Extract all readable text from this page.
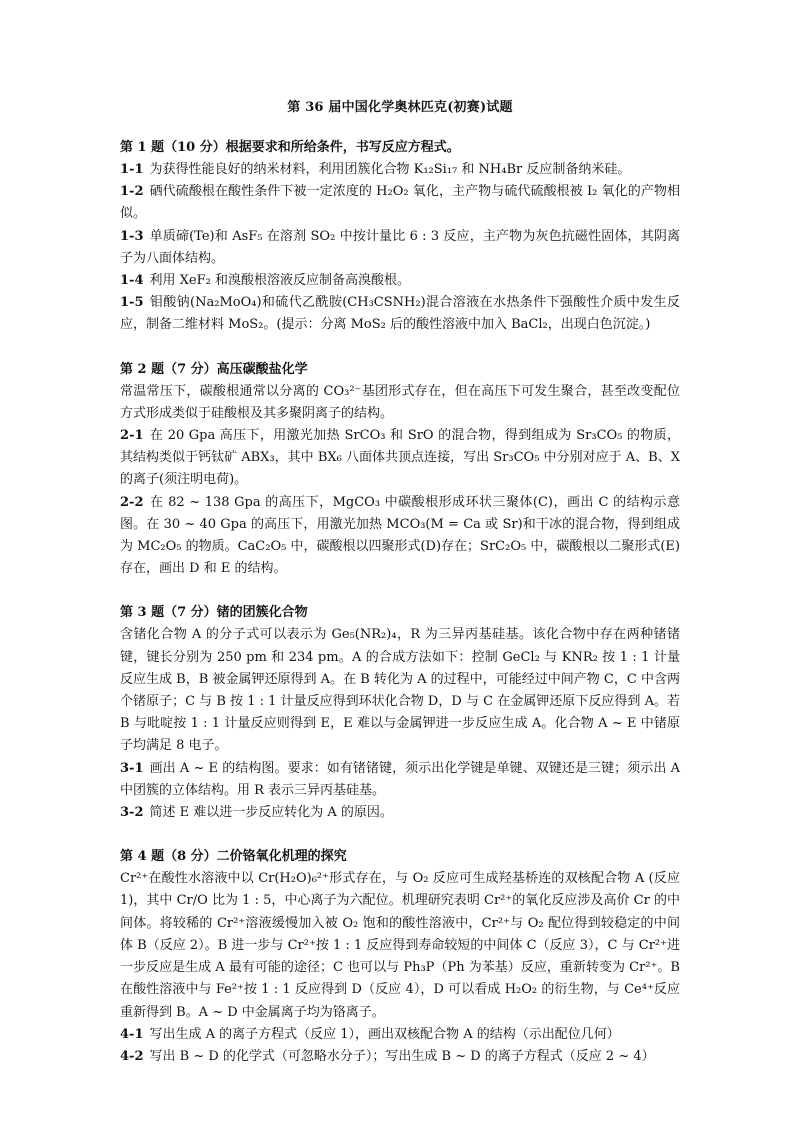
第 36 届中国化学奥林匹克(初赛)试题

第 1 题（10 分）根据要求和所给条件，书写反应方程式。

1-1 为获得性能良好的纳米材料，利用团簇化合物 K₁₂Si₁₇ 和 NH₄Br 反应制备纳米硅。

1-2 硒代硫酸根在酸性条件下被一定浓度的 H₂O₂ 氧化，主产物与硫代硫酸根被 I₂ 氧化的产物相似。

1-3 单质碲(Te)和 AsF₅ 在溶剂 SO₂ 中按计量比 6 : 3 反应，主产物为灰色抗磁性固体，其阴离子为八面体结构。

1-4 利用 XeF₂ 和溴酸根溶液反应制备高溴酸根。

1-5 钼酸钠(Na₂MoO₄)和硫代乙酰胺(CH₃CSNH₂)混合溶液在水热条件下强酸性介质中发生反应，制备二维材料 MoS₂。(提示：分离 MoS₂ 后的酸性溶液中加入 BaCl₂，出现白色沉淀。)

第 2 题（7 分）高压碳酸盐化学

常温常压下，碳酸根通常以分离的 CO₃²⁻基团形式存在，但在高压下可发生聚合，甚至改变配位方式形成类似于硅酸根及其多聚阴离子的结构。

2-1 在 20 Gpa 高压下，用激光加热 SrCO₃ 和 SrO 的混合物，得到组成为 Sr₃CO₅ 的物质，其结构类似于钙钛矿 ABX₃，其中 BX₆ 八面体共顶点连接，写出 Sr₃CO₅ 中分别对应于 A、B、X 的离子(须注明电荷)。

2-2 在 82 ~ 138 Gpa 的高压下，MgCO₃ 中碳酸根形成环状三聚体(C)，画出 C 的结构示意图。在 30 ~ 40 Gpa 的高压下，用激光加热 MCO₃(M = Ca 或 Sr)和干冰的混合物，得到组成为 MC₂O₅ 的物质。CaC₂O₅ 中，碳酸根以四聚形式(D)存在；SrC₂O₅ 中，碳酸根以二聚形式(E)存在，画出 D 和 E 的结构。

第 3 题（7 分）锗的团簇化合物

含锗化合物 A 的分子式可以表示为 Ge₅(NR₂)₄，R 为三异丙基硅基。该化合物中存在两种锗锗键，键长分别为 250 pm 和 234 pm。A 的合成方法如下：控制 GeCl₂ 与 KNR₂ 按 1 : 1 计量反应生成 B，B 被金属钾还原得到 A。在 B 转化为 A 的过程中，可能经过中间产物 C，C 中含两个锗原子；C 与 B 按 1 : 1 计量反应得到环状化合物 D，D 与 C 在金属钾还原下反应得到 A。若 B 与吡啶按 1 : 1 计量反应则得到 E，E 难以与金属钾进一步反应生成 A。化合物 A ~ E 中锗原子均满足 8 电子。

3-1 画出 A ~ E 的结构图。要求：如有锗锗键，须示出化学键是单键、双键还是三键；须示出 A 中团簇的立体结构。用 R 表示三异丙基硅基。

3-2 简述 E 难以进一步反应转化为 A 的原因。

第 4 题（8 分）二价铬氧化机理的探究

Cr²⁺在酸性水溶液中以 Cr(H₂O)₆²⁺形式存在，与 O₂ 反应可生成羟基桥连的双核配合物 A (反应 1)，其中 Cr/O 比为 1 : 5，中心离子为六配位。机理研究表明 Cr²⁺的氧化反应涉及高价 Cr 的中间体。将较稀的 Cr²⁺溶液缓慢加入被 O₂ 饱和的酸性溶液中，Cr²⁺与 O₂ 配位得到较稳定的中间体 B（反应 2）。B 进一步与 Cr²⁺按 1 : 1 反应得到寿命较短的中间体 C（反应 3），C 与 Cr²⁺进一步反应是生成 A 最有可能的途径；C 也可以与 Ph₃P（Ph 为苯基）反应，重新转变为 Cr²⁺。B 在酸性溶液中与 Fe²⁺按 1 : 1 反应得到 D（反应 4），D 可以看成 H₂O₂ 的衍生物，与 Ce⁴⁺反应重新得到 B。A ~ D 中金属离子均为铬离子。

4-1 写出生成 A 的离子方程式（反应 1），画出双核配合物 A 的结构（示出配位几何）

4-2 写出 B ~ D 的化学式（可忽略水分子）；写出生成 B ~ D 的离子方程式（反应 2 ~ 4）
